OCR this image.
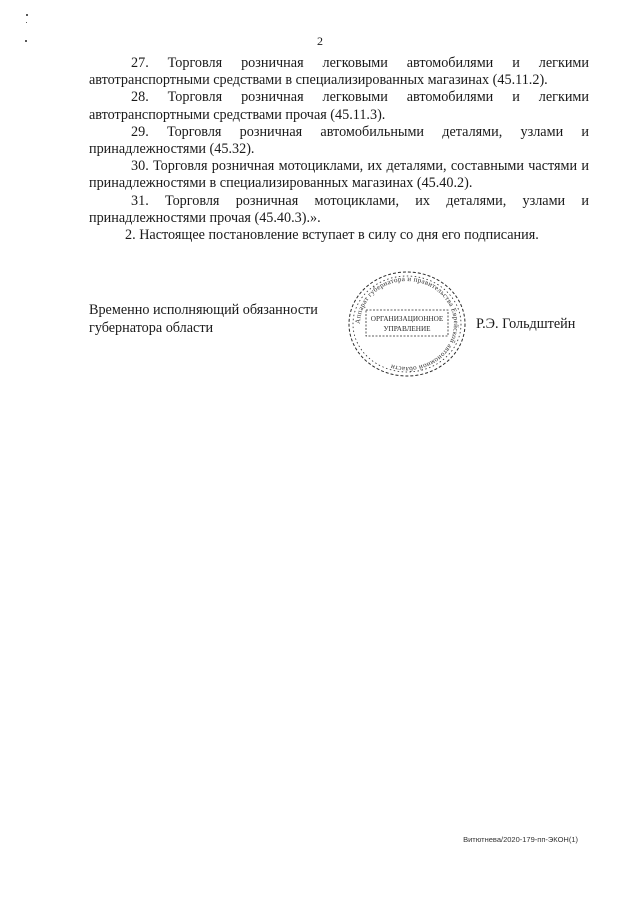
2

27. Торговля розничная легковыми автомобилями и легкими автотранспортными средствами в специализированных магазинах (45.11.2).

28. Торговля розничная легковыми автомобилями и легкими автотранспортными средствами прочая (45.11.3).

29. Торговля розничная автомобильными деталями, узлами и принадлежностями (45.32).

30. Торговля розничная мотоциклами, их деталями, составными частями и принадлежностями в специализированных магазинах (45.40.2).

31. Торговля розничная мотоциклами, их деталями, узлами и принадлежностями прочая (45.40.3).».

2. Настоящее постановление вступает в силу со дня его подписания.

Временно исполняющий обязанности
губернатора области	Аппарат губернатора и правительства Еврейской автономной области
ОРГАНИЗАЦИОННОЕ
УПРАВЛЕНИЕ	Р.Э. Гольдштейн
Витютнева/2020-179-пп-ЭКОН(1)
